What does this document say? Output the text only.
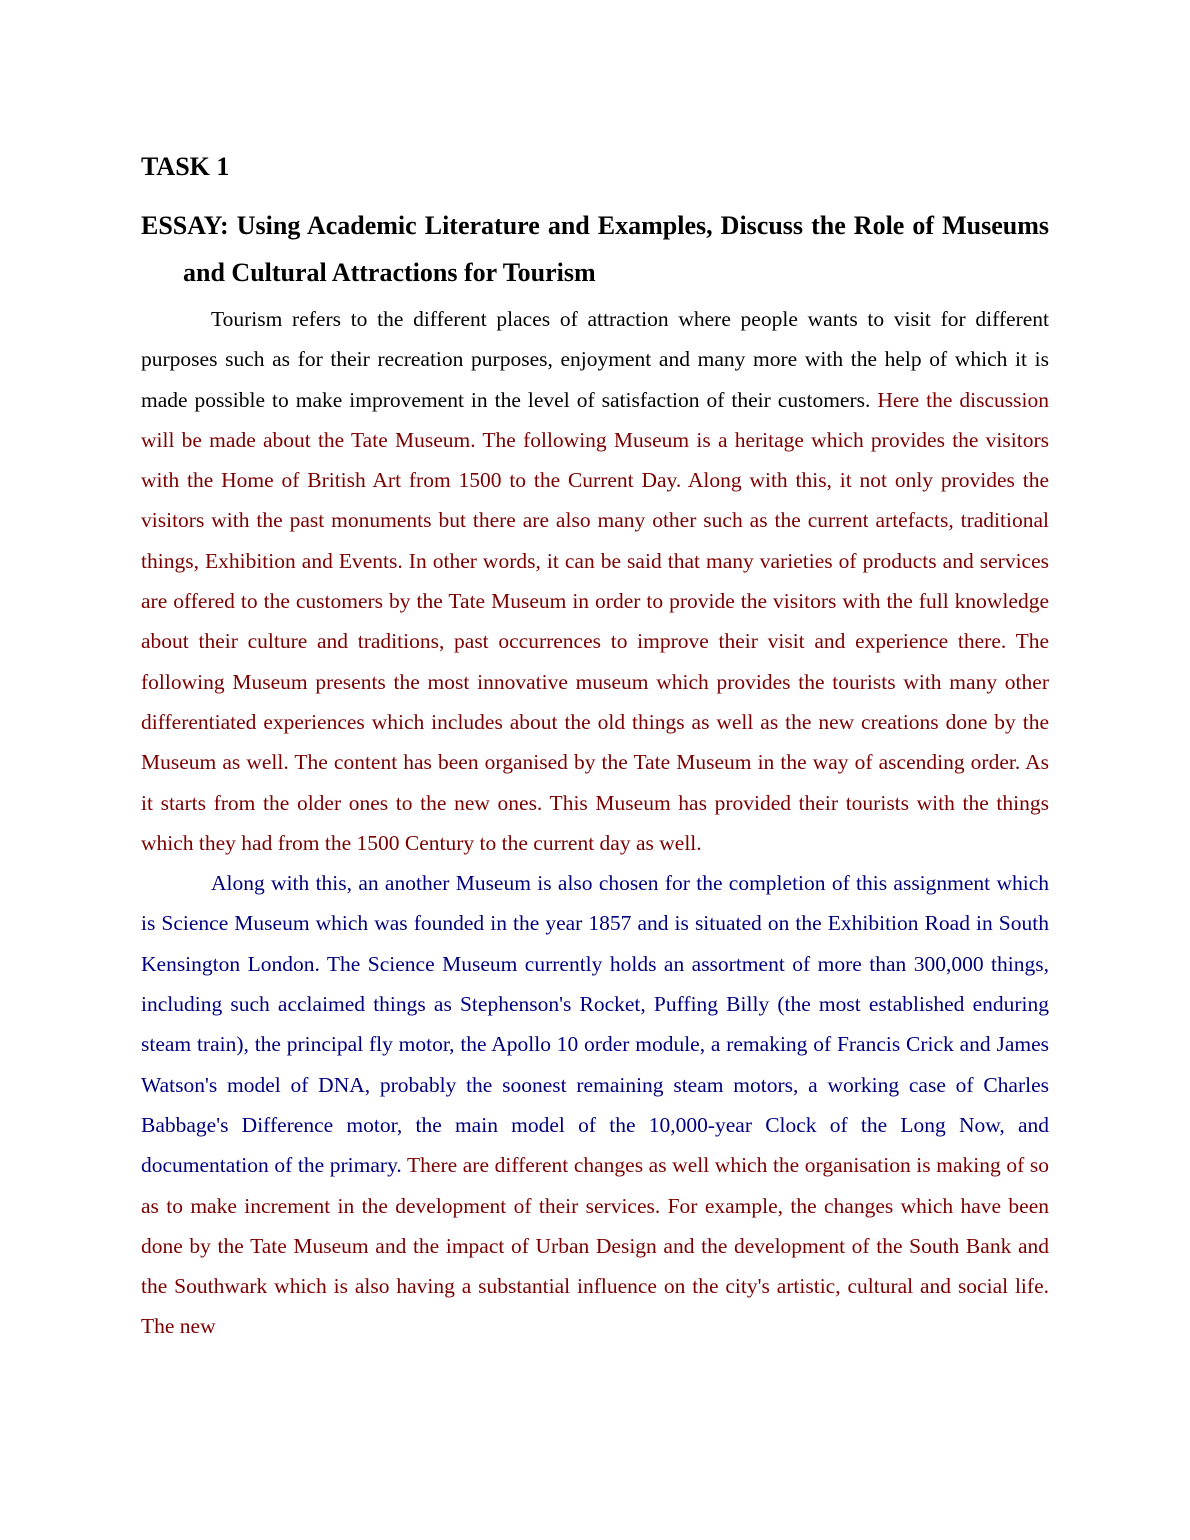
TASK 1
ESSAY: Using Academic Literature and Examples, Discuss the Role of Museums and Cultural Attractions for Tourism

Tourism refers to the different places of attraction where people wants to visit for different purposes such as for their recreation purposes, enjoyment and many more with the help of which it is made possible to make improvement in the level of satisfaction of their customers. Here the discussion will be made about the Tate Museum. The following Museum is a heritage which provides the visitors with the Home of British Art from 1500 to the Current Day. Along with this, it not only provides the visitors with the past monuments but there are also many other such as the current artefacts, traditional things, Exhibition and Events. In other words, it can be said that many varieties of products and services are offered to the customers by the Tate Museum in order to provide the visitors with the full knowledge about their culture and traditions, past occurrences to improve their visit and experience there. The following Museum presents the most innovative museum which provides the tourists with many other differentiated experiences which includes about the old things as well as the new creations done by the Museum as well. The content has been organised by the Tate Museum in the way of ascending order. As it starts from the older ones to the new ones. This Museum has provided their tourists with the things which they had from the 1500 Century to the current day as well.

Along with this, an another Museum is also chosen for the completion of this assignment which is Science Museum which was founded in the year 1857 and is situated on the Exhibition Road in South Kensington London. The Science Museum currently holds an assortment of more than 300,000 things, including such acclaimed things as Stephenson's Rocket, Puffing Billy (the most established enduring steam train), the principal fly motor, the Apollo 10 order module, a remaking of Francis Crick and James Watson's model of DNA, probably the soonest remaining steam motors, a working case of Charles Babbage's Difference motor, the main model of the 10,000-year Clock of the Long Now, and documentation of the primary. There are different changes as well which the organisation is making of so as to make increment in the development of their services. For example, the changes which have been done by the Tate Museum and the impact of Urban Design and the development of the South Bank and the Southwark which is also having a substantial influence on the city's artistic, cultural and social life. The new
